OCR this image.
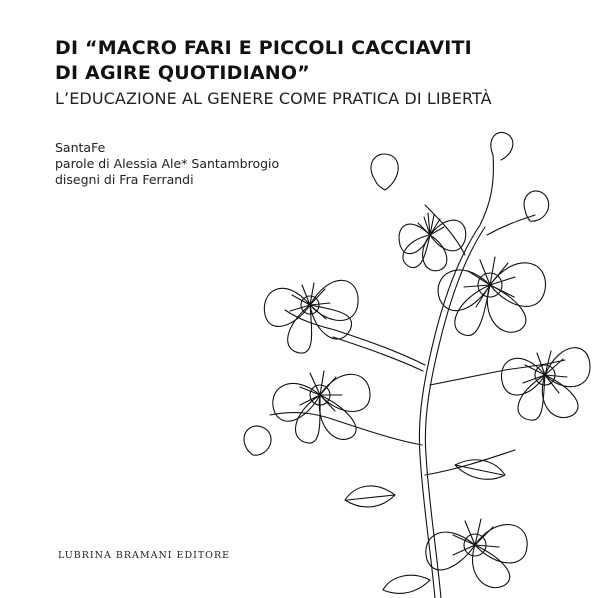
DI “MACRO FARI E PICCOLI CACCIAVITI
DI AGIRE QUOTIDIANO”
L’EDUCAZIONE AL GENERE COME PRATICA DI LIBERTÀ
SantaFe
parole di Alessia Ale* Santambrogio
disegni di Fra Ferrandi
LUBRINA BRAMANI EDITORE
